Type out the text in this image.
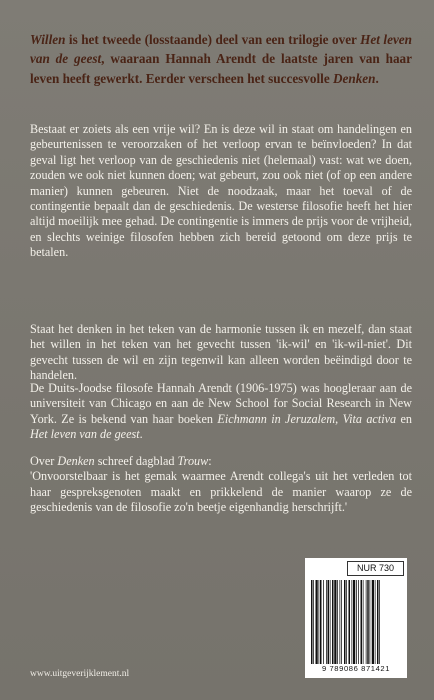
Willen is het tweede (losstaande) deel van een trilogie over Het leven van de geest, waaraan Hannah Arendt de laatste jaren van haar leven heeft gewerkt. Eerder verscheen het succesvolle Denken.
Bestaat er zoiets als een vrije wil? En is deze wil in staat om handelingen en gebeurtenissen te veroorzaken of het verloop ervan te beïnvloeden? In dat geval ligt het verloop van de geschiedenis niet (helemaal) vast: wat we doen, zouden we ook niet kunnen doen; wat gebeurt, zou ook niet (of op een andere manier) kunnen gebeuren. Niet de noodzaak, maar het toeval of de contingentie bepaalt dan de geschiedenis. De westerse filosofie heeft het hier altijd moeilijk mee gehad. De contingentie is immers de prijs voor de vrijheid, en slechts weinige filosofen hebben zich bereid getoond om deze prijs te betalen.
Staat het denken in het teken van de harmonie tussen ik en mezelf, dan staat het willen in het teken van het gevecht tussen 'ik-wil' en 'ik-wil-niet'. Dit gevecht tussen de wil en zijn tegenwil kan alleen worden beëindigd door te handelen.
De Duits-Joodse filosofe Hannah Arendt (1906-1975) was hoogleraar aan de universiteit van Chicago en aan de New School for Social Research in New York. Ze is bekend van haar boeken Eichmann in Jeruzalem, Vita activa en Het leven van de geest.
Over Denken schreef dagblad Trouw:
'Onvoorstelbaar is het gemak waarmee Arendt collega's uit het verleden tot haar gespreksgenoten maakt en prikkelend de manier waarop ze de geschiedenis van de filosofie zo'n beetje eigenhandig herschrijft.'
NUR 730
9 789086 871421
www.uitgeverijklement.nl
